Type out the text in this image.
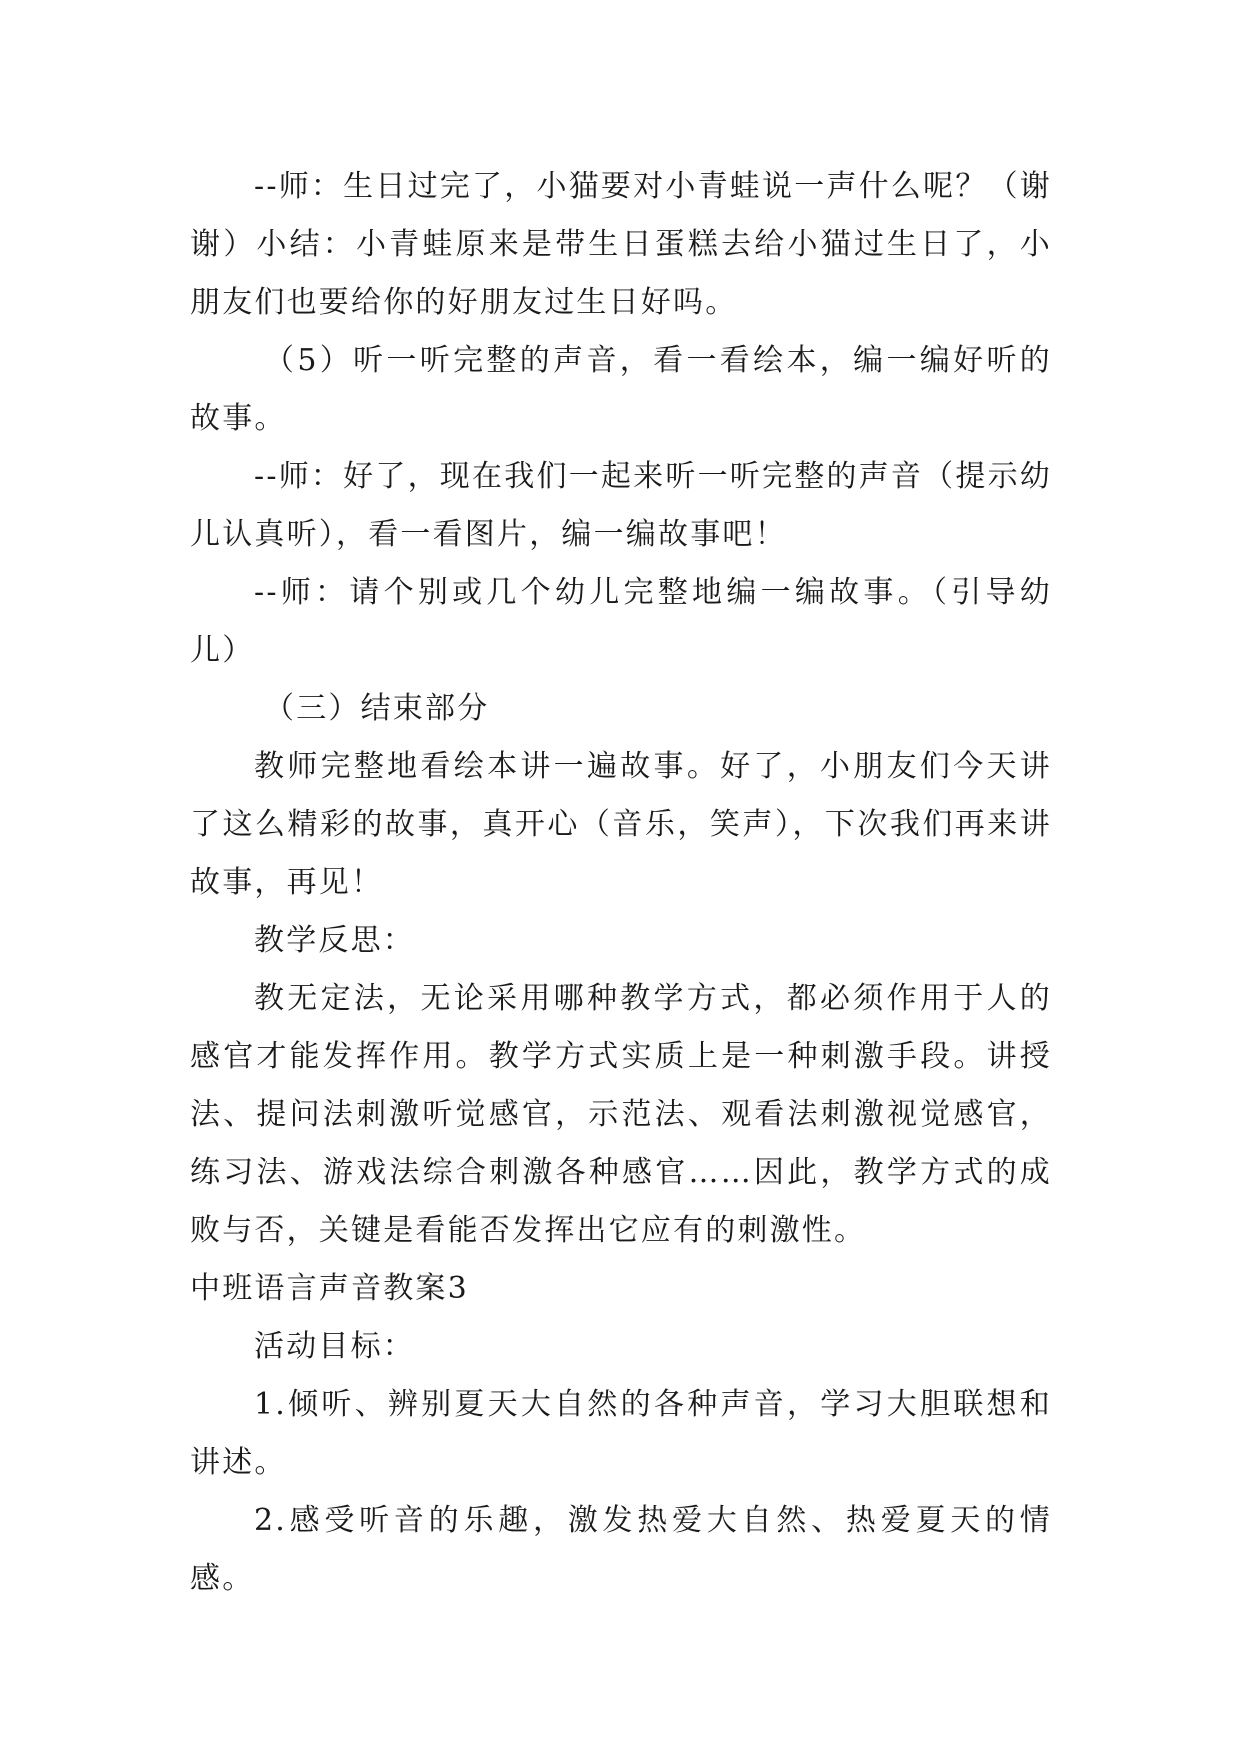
--师：生日过完了，小猫要对小青蛙说一声什么呢？（谢谢）小结：小青蛙原来是带生日蛋糕去给小猫过生日了，小朋友们也要给你的好朋友过生日好吗。

（5）听一听完整的声音，看一看绘本，编一编好听的故事。

--师：好了，现在我们一起来听一听完整的声音（提示幼儿认真听），看一看图片，编一编故事吧！

--师：请个别或几个幼儿完整地编一编故事。（引导幼儿）

（三）结束部分

教师完整地看绘本讲一遍故事。好了，小朋友们今天讲了这么精彩的故事，真开心（音乐，笑声），下次我们再来讲故事，再见！

教学反思：

教无定法，无论采用哪种教学方式，都必须作用于人的感官才能发挥作用。教学方式实质上是一种刺激手段。讲授法、提问法刺激听觉感官，示范法、观看法刺激视觉感官，练习法、游戏法综合刺激各种感官……因此，教学方式的成败与否，关键是看能否发挥出它应有的刺激性。

中班语言声音教案3

活动目标：

1.倾听、辨别夏天大自然的各种声音，学习大胆联想和讲述。

2.感受听音的乐趣，激发热爱大自然、热爱夏天的情感。
